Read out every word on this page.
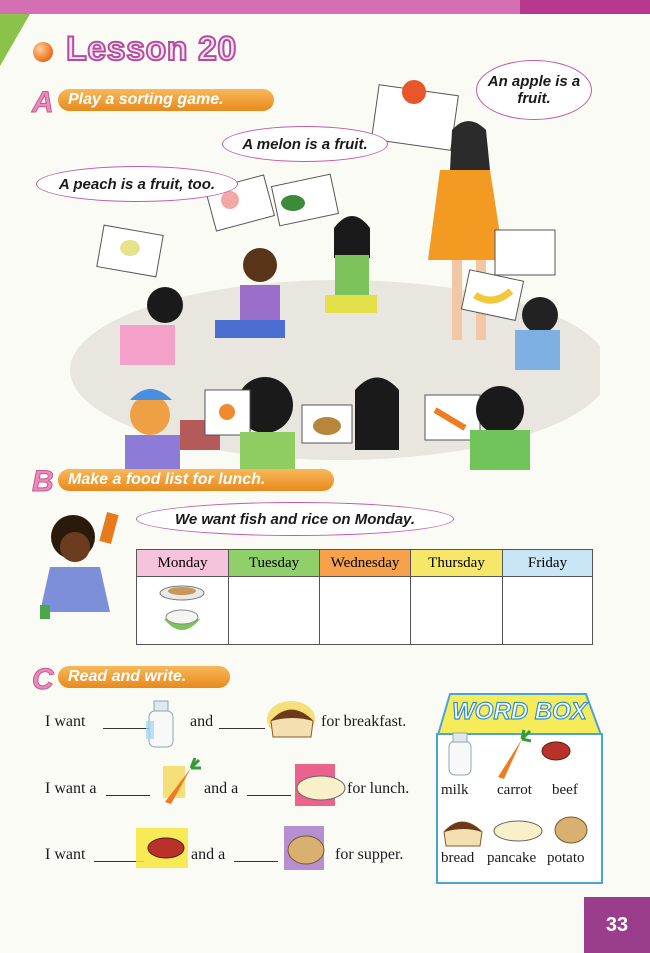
Lesson 20
A Play a sorting game.
An apple is a fruit.
A melon is a fruit.
A peach is a fruit, too.
B Make a food list for lunch.
We want fish and rice on Monday.
Monday	Tuesday	Wednesday	Thursday	Friday

C Read and write.
I want	and	for breakfast.
I want a	and a	for lunch.
I want	and a	for supper.
WORD BOX
milk carrot beef
bread pancake potato
33
